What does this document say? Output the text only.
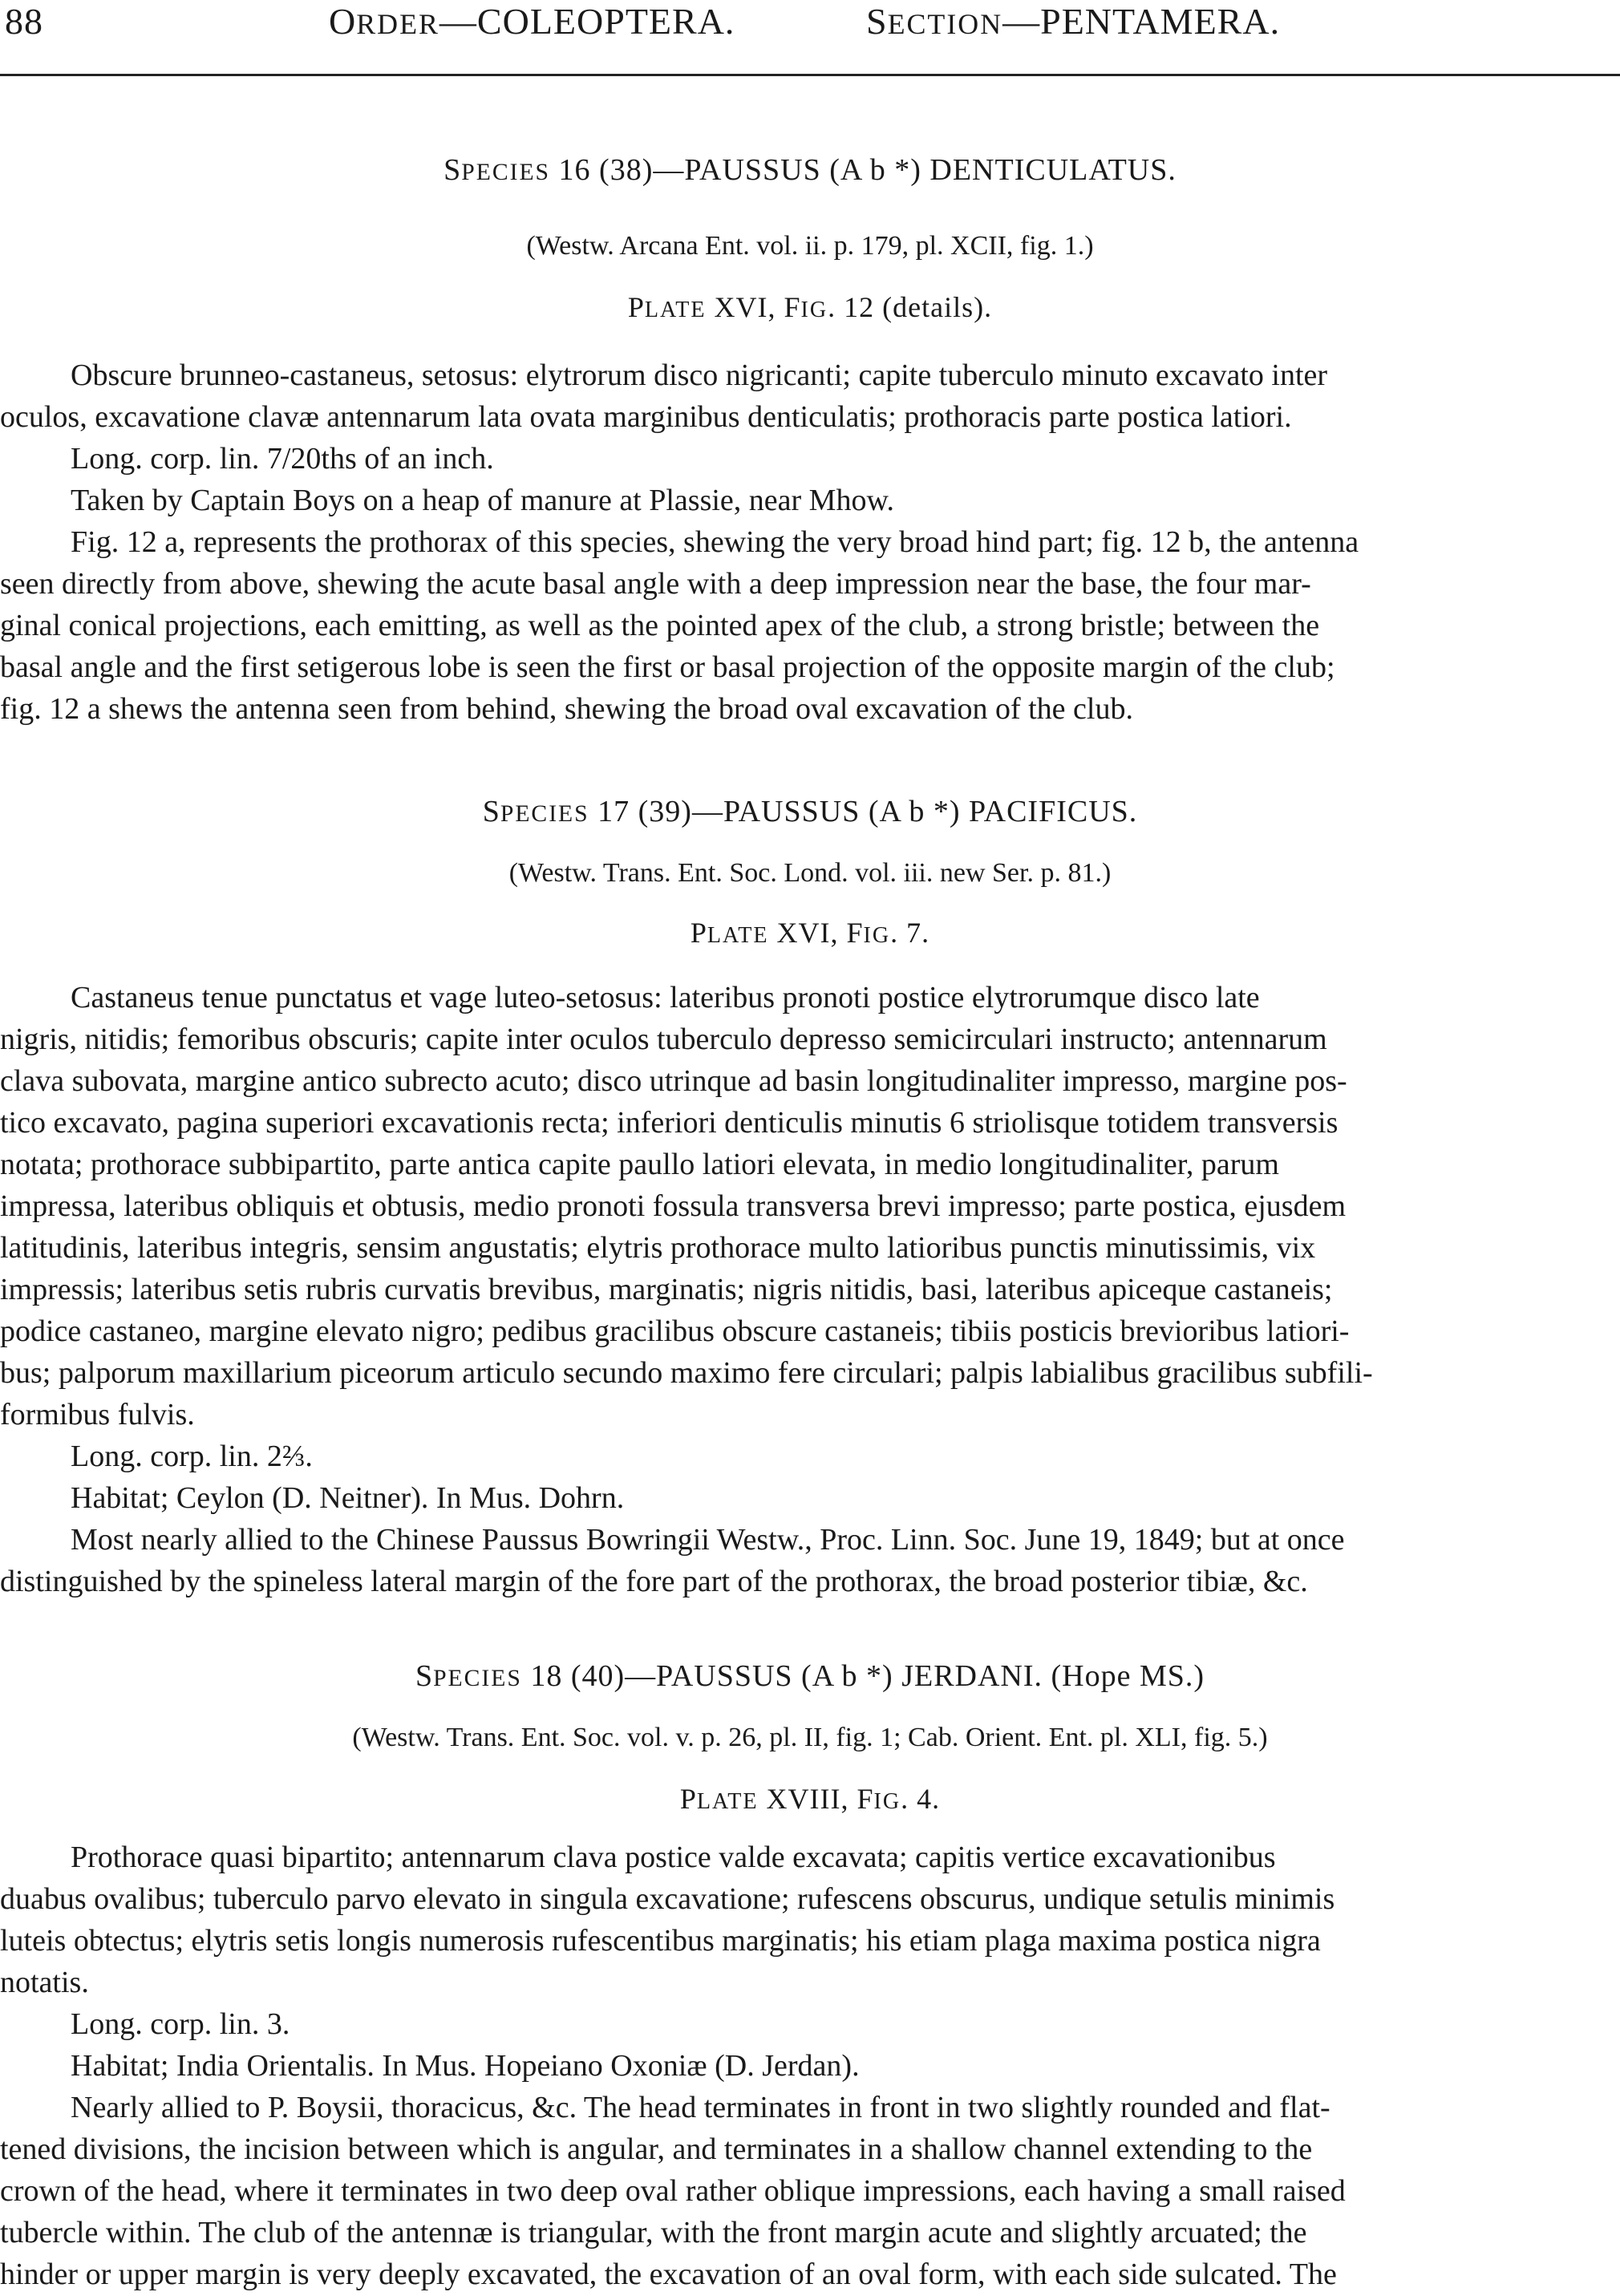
88	ORDER—COLEOPTERA.	SECTION—PENTAMERA.
SPECIES 16 (38)—PAUSSUS (A b *) DENTICULATUS.
(Westw. Arcana Ent. vol. ii. p. 179, pl. XCII, fig. 1.)
PLATE XVI, FIG. 12 (details).
Obscure brunneo-castaneus, setosus: elytrorum disco nigricanti; capite tuberculo minuto excavato inter
oculos, excavatione clavæ antennarum lata ovata marginibus denticulatis; prothoracis parte postica latiori.
Long. corp. lin. 7/20ths of an inch.
Taken by Captain Boys on a heap of manure at Plassie, near Mhow.
Fig. 12 a, represents the prothorax of this species, shewing the very broad hind part; fig. 12 b, the antenna
seen directly from above, shewing the acute basal angle with a deep impression near the base, the four mar-
ginal conical projections, each emitting, as well as the pointed apex of the club, a strong bristle; between the
basal angle and the first setigerous lobe is seen the first or basal projection of the opposite margin of the club;
fig. 12 a shews the antenna seen from behind, shewing the broad oval excavation of the club.
SPECIES 17 (39)—PAUSSUS (A b *) PACIFICUS.
(Westw. Trans. Ent. Soc. Lond. vol. iii. new Ser. p. 81.)
PLATE XVI, FIG. 7.
Castaneus tenue punctatus et vage luteo-setosus: lateribus pronoti postice elytrorumque disco late
nigris, nitidis; femoribus obscuris; capite inter oculos tuberculo depresso semicirculari instructo; antennarum
clava subovata, margine antico subrecto acuto; disco utrinque ad basin longitudinaliter impresso, margine pos-
tico excavato, pagina superiori excavationis recta; inferiori denticulis minutis 6 striolisque totidem transversis
notata; prothorace subbipartito, parte antica capite paullo latiori elevata, in medio longitudinaliter, parum
impressa, lateribus obliquis et obtusis, medio pronoti fossula transversa brevi impresso; parte postica, ejusdem
latitudinis, lateribus integris, sensim angustatis; elytris prothorace multo latioribus punctis minutissimis, vix
impressis; lateribus setis rubris curvatis brevibus, marginatis; nigris nitidis, basi, lateribus apiceque castaneis;
podice castaneo, margine elevato nigro; pedibus gracilibus obscure castaneis; tibiis posticis brevioribus latiori-
bus; palporum maxillarium piceorum articulo secundo maximo fere circulari; palpis labialibus gracilibus subfili-
formibus fulvis.
Long. corp. lin. 2⅔.
Habitat; Ceylon (D. Neitner). In Mus. Dohrn.
Most nearly allied to the Chinese Paussus Bowringii Westw., Proc. Linn. Soc. June 19, 1849; but at once
distinguished by the spineless lateral margin of the fore part of the prothorax, the broad posterior tibiæ, &c.
SPECIES 18 (40)—PAUSSUS (A b *) JERDANI. (Hope MS.)
(Westw. Trans. Ent. Soc. vol. v. p. 26, pl. II, fig. 1; Cab. Orient. Ent. pl. XLI, fig. 5.)
PLATE XVIII, FIG. 4.
Prothorace quasi bipartito; antennarum clava postice valde excavata; capitis vertice excavationibus
duabus ovalibus; tuberculo parvo elevato in singula excavatione; rufescens obscurus, undique setulis minimis
luteis obtectus; elytris setis longis numerosis rufescentibus marginatis; his etiam plaga maxima postica nigra
notatis.
Long. corp. lin. 3.
Habitat; India Orientalis. In Mus. Hopeiano Oxoniæ (D. Jerdan).
Nearly allied to P. Boysii, thoracicus, &c. The head terminates in front in two slightly rounded and flat-
tened divisions, the incision between which is angular, and terminates in a shallow channel extending to the
crown of the head, where it terminates in two deep oval rather oblique impressions, each having a small raised
tubercle within. The club of the antennæ is triangular, with the front margin acute and slightly arcuated; the
hinder or upper margin is very deeply excavated, the excavation of an oval form, with each side sulcated. The
